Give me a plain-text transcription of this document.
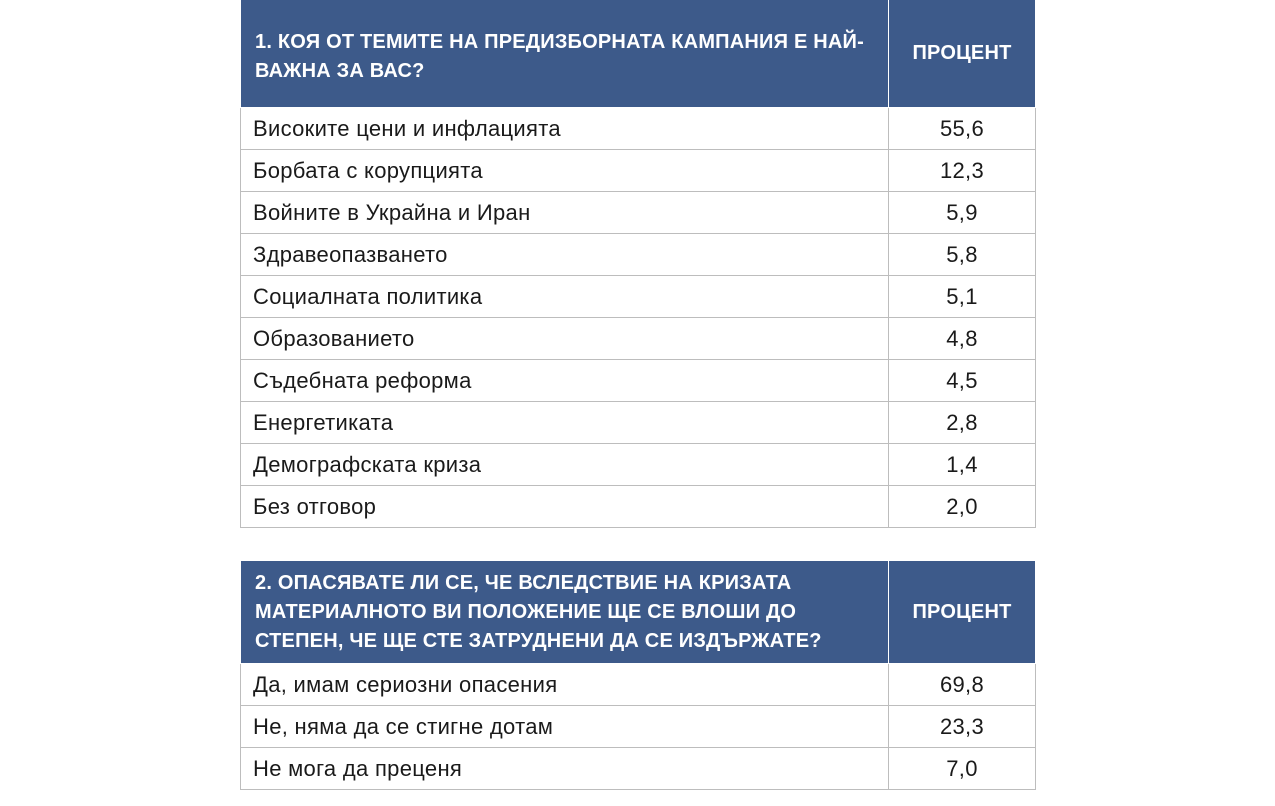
1. КОЯ ОТ ТЕМИТЕ НА ПРЕДИЗБОРНАТА КАМПАНИЯ Е НАЙ-ВАЖНА ЗА ВАС?	ПРОЦЕНТ
Високите цени и инфлацията	55,6
Борбата с корупцията	12,3
Войните в Украйна и Иран	5,9
Здравеопазването	5,8
Социалната политика	5,1
Образованието	4,8
Съдебната реформа	4,5
Енергетиката	2,8
Демографската криза	1,4
Без отговор	2,0
2. ОПАСЯВАТЕ ЛИ СЕ, ЧЕ ВСЛЕДСТВИЕ НА КРИЗАТА МАТЕРИАЛНОТО ВИ ПОЛОЖЕНИЕ ЩЕ СЕ ВЛОШИ ДО СТЕПЕН, ЧЕ ЩЕ СТЕ ЗАТРУДНЕНИ ДА СЕ ИЗДЪРЖАТЕ?	ПРОЦЕНТ
Да, имам сериозни опасения	69,8
Не, няма да се стигне дотам	23,3
Не мога да преценя	7,0
